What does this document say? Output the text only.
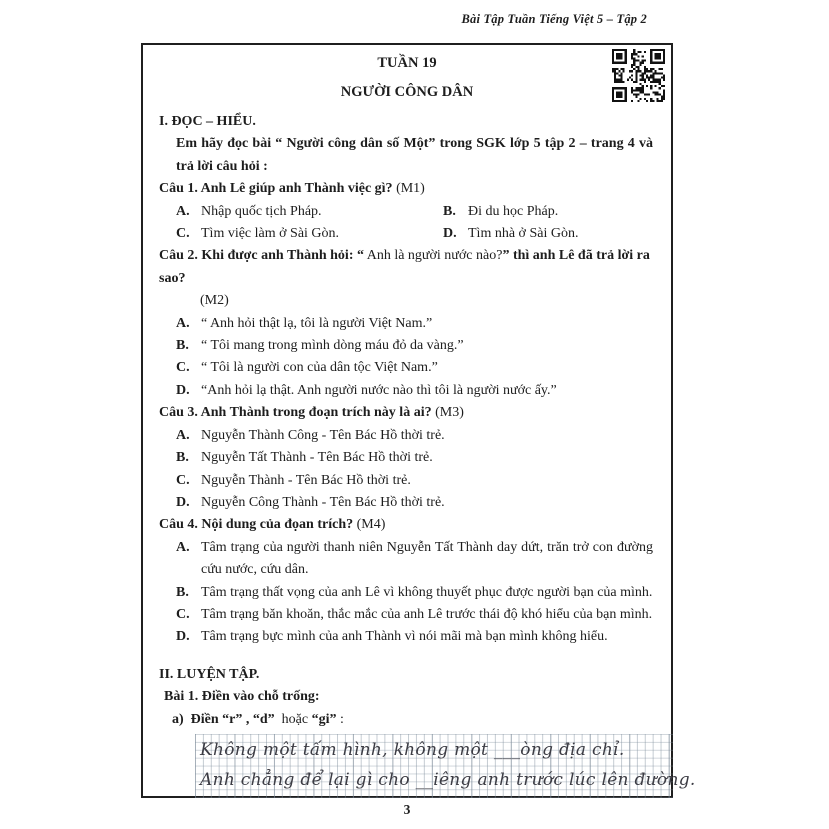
Bài Tập Tuần Tiếng Việt 5 – Tập 2
TUẦN 19
NGƯỜI CÔNG DÂN

I. ĐỌC – HIỂU.

Em hãy đọc bài “ Người công dân số Một” trong SGK lớp 5 tập 2 – trang 4 và trả lời câu hỏi :

Câu 1. Anh Lê giúp anh Thành việc gì? (M1)

A. Nhập quốc tịch Pháp.	B. Đi du học Pháp.
C. Tìm việc làm ở Sài Gòn.	D. Tìm nhà ở Sài Gòn.

Câu 2. Khi được anh Thành hỏi: “ Anh là người nước nào?” thì anh Lê đã trả lời ra sao?

(M2)

A. “ Anh hỏi thật lạ, tôi là người Việt Nam.”
B. “ Tôi mang trong mình dòng máu đỏ da vàng.”
C. “ Tôi là người con của dân tộc Việt Nam.”
D. “Anh hỏi lạ thật. Anh người nước nào thì tôi là người nước ấy.”

Câu 3. Anh Thành trong đoạn trích này là ai? (M3)

A. Nguyễn Thành Công - Tên Bác Hồ thời trẻ.
B. Nguyễn Tất Thành - Tên Bác Hồ thời trẻ.
C. Nguyễn Thành - Tên Bác Hồ thời trẻ.
D. Nguyễn Công Thành - Tên Bác Hồ thời trẻ.

Câu 4. Nội dung của đọan trích? (M4)

A. Tâm trạng của người thanh niên Nguyễn Tất Thành day dứt, trăn trở con đường cứu nước, cứu dân.
B. Tâm trạng thất vọng của anh Lê vì không thuyết phục được người bạn của mình.
C. Tâm trạng băn khoăn, thắc mắc của anh Lê trước thái độ khó hiểu của bạn mình.
D. Tâm trạng bực mình của anh Thành vì nói mãi mà bạn mình không hiểu.

II. LUYỆN TẬP.

Bài 1. Điền vào chỗ trống:

a) Điền “r” , “d” hoặc “gi” :

Không một tấm hình, không một ___òng địa chỉ.
Anh chẳng để lại gì cho __iêng anh trước lúc lên đường.
3
